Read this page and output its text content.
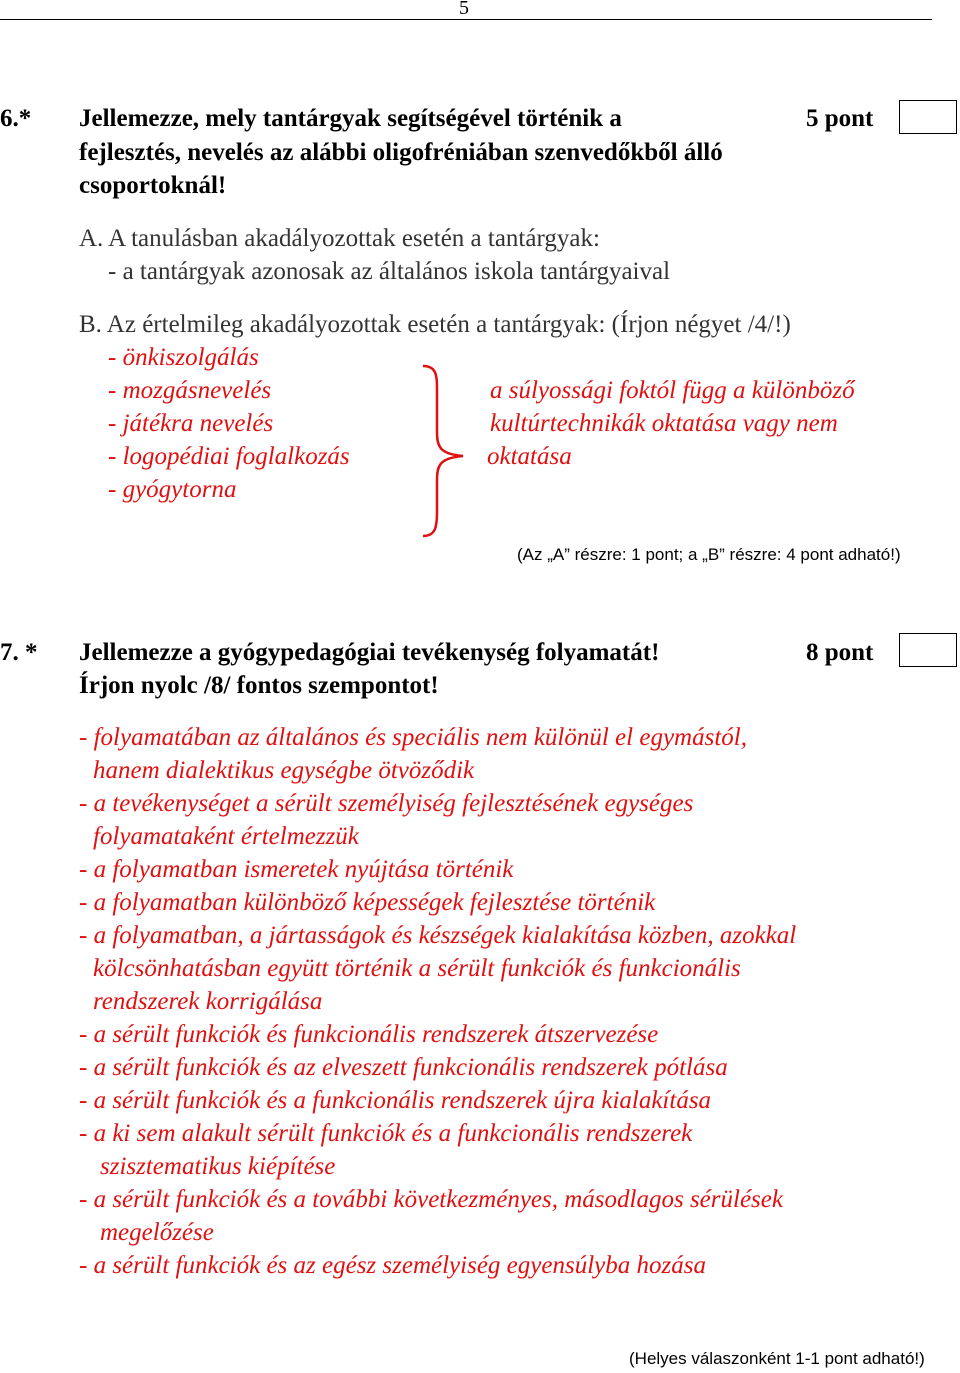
5
6.* Jellemezze, mely tantárgyak segítségével történik a	5 pont
fejlesztés, nevelés az alábbi oligofréniában szenvedőkből álló
csoportoknál!
A. A tanulásban akadályozottak esetén a tantárgyak:
- a tantárgyak azonosak az általános iskola tantárgyaival
B. Az értelmileg akadályozottak esetén a tantárgyak: (Írjon négyet /4/!)
- önkiszolgálás
- mozgásnevelés
- játékra nevelés
- logopédiai foglalkozás
- gyógytorna
a súlyossági foktól függ a különböző
kultúrtechnikák oktatása vagy nem
oktatása
(Az „A” részre: 1 pont; a „B” részre: 4 pont adható!)
7. * Jellemezze a gyógypedagógiai tevékenység folyamatát!	8 pont
Írjon nyolc /8/ fontos szempontot!
- folyamatában az általános és speciális nem különül el egymástól,
hanem dialektikus egységbe ötvöződik
- a tevékenységet a sérült személyiség fejlesztésének egységes
folyamataként értelmezzük
- a folyamatban ismeretek nyújtása történik
- a folyamatban különböző képességek fejlesztése történik
- a folyamatban, a jártasságok és készségek kialakítása közben, azokkal
kölcsönhatásban együtt történik a sérült funkciók és funkcionális
rendszerek korrigálása
- a sérült funkciók és funkcionális rendszerek átszervezése
- a sérült funkciók és az elveszett funkcionális rendszerek pótlása
- a sérült funkciók és a funkcionális rendszerek újra kialakítása
- a ki sem alakult sérült funkciók és a funkcionális rendszerek
szisztematikus kiépítése
- a sérült funkciók és a további következményes, másodlagos sérülések
megelőzése
- a sérült funkciók és az egész személyiség egyensúlyba hozása
(Helyes válaszonként 1-1 pont adható!)
